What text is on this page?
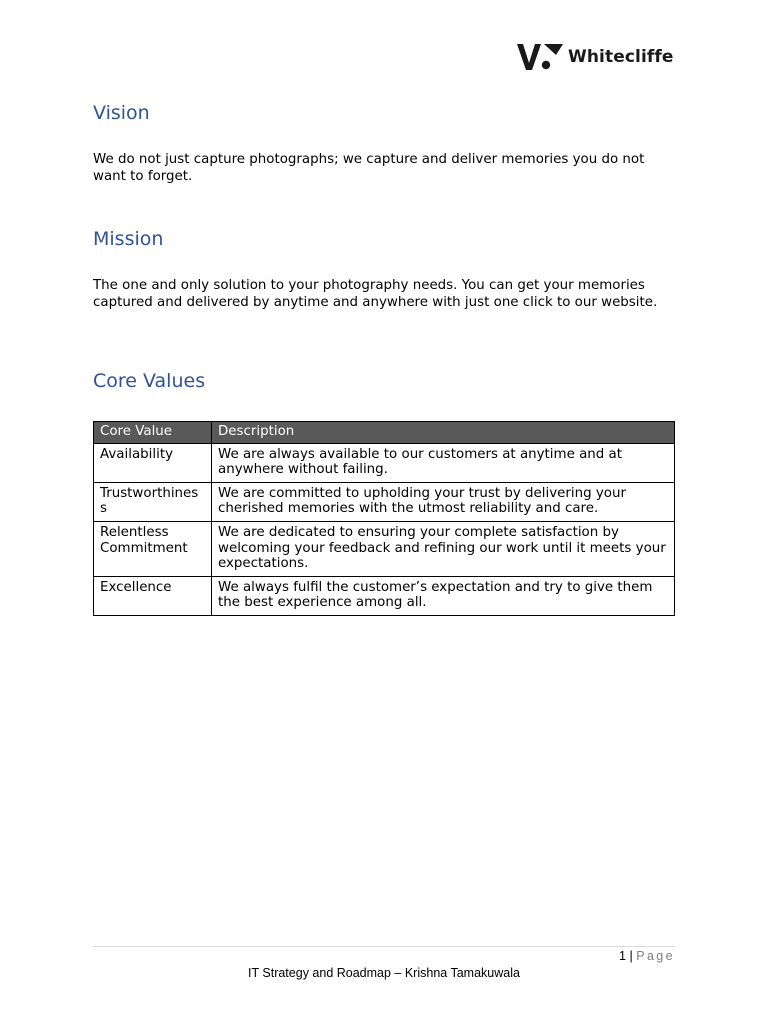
Whitecliffe
Vision

We do not just capture photographs; we capture and deliver memories you do not want to forget.

Mission

The one and only solution to your photography needs. You can get your memories captured and delivered by anytime and anywhere with just one click to our website.

Core Values
Core Value	Description
Availability	We are always available to our customers at anytime and at anywhere without failing.
Trustworthiness	We are committed to upholding your trust by delivering your cherished memories with the utmost reliability and care.
Relentless Commitment	We are dedicated to ensuring your complete satisfaction by welcoming your feedback and refining our work until it meets your expectations.
Excellence	We always fulfil the customer’s expectation and try to give them the best experience among all.
1 | Page
IT Strategy and Roadmap – Krishna Tamakuwala
